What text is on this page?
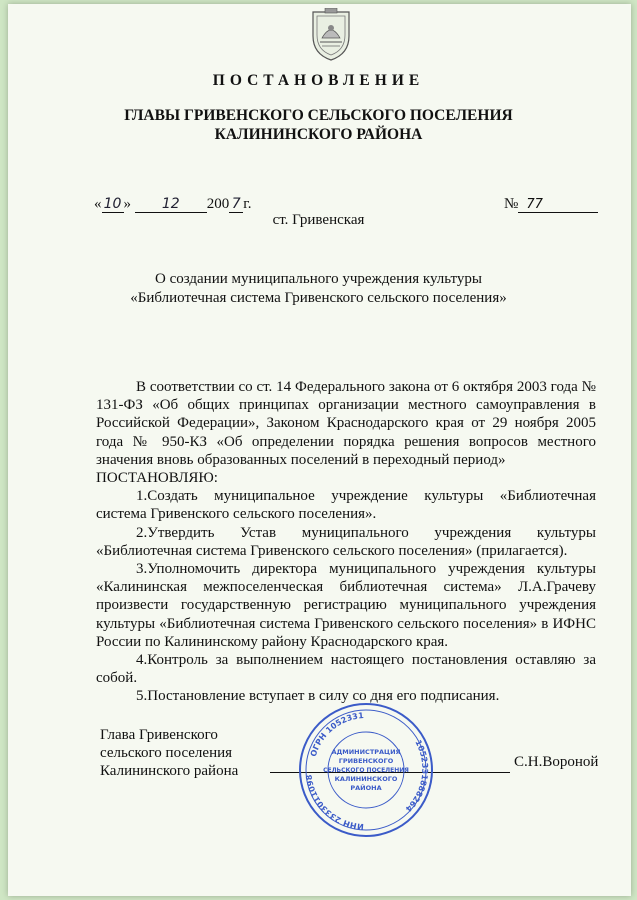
ПОСТАНОВЛЕНИЕ
ГЛАВЫ ГРИВЕНСКОГО СЕЛЬСКОГО ПОСЕЛЕНИЯ
КАЛИНИНСКОГО РАЙОНА
« 10 » 12 200 7 г.	№ 77
ст. Гривенская
О создании муниципального учреждения культуры
«Библиотечная система Гривенского сельского поселения»

В соответствии со ст. 14 Федерального закона от 6 октября 2003 года № 131-ФЗ «Об общих принципах организации местного самоуправления в Российской Федерации», Законом Краснодарского края от 29 ноября 2005 года № 950-КЗ «Об определении порядка решения вопросов местного значения вновь образованных поселений в переходный период»

ПОСТАНОВЛЯЮ:

1.Создать муниципальное учреждение культуры «Библиотечная система Гривенского сельского поселения».

2.Утвердить Устав муниципального учреждения культуры «Библиотечная система Гривенского сельского поселения» (прилагается).

3.Уполномочить директора муниципального учреждения культуры «Калининская межпоселенческая библиотечная система» Л.А.Грачеву произвести государственную регистрацию муниципального учреждения культуры «Библиотечная система Гривенского сельского поселения» в ИФНС России по Калининскому району Краснодарского края.

4.Контроль за выполнением настоящего постановления оставляю за собой.

5.Постановление вступает в силу со дня его подписания.

Глава Гривенского
сельского поселения
Калининского района
С.Н.Вороной
ОГРН 1052331
ИНН 2333011098
1052331888264
АДМИНИСТРАЦИЯ
ГРИВЕНСКОГО
СЕЛЬСКОГО ПОСЕЛЕНИЯ
КАЛИНИНСКОГО
РАЙОНА
